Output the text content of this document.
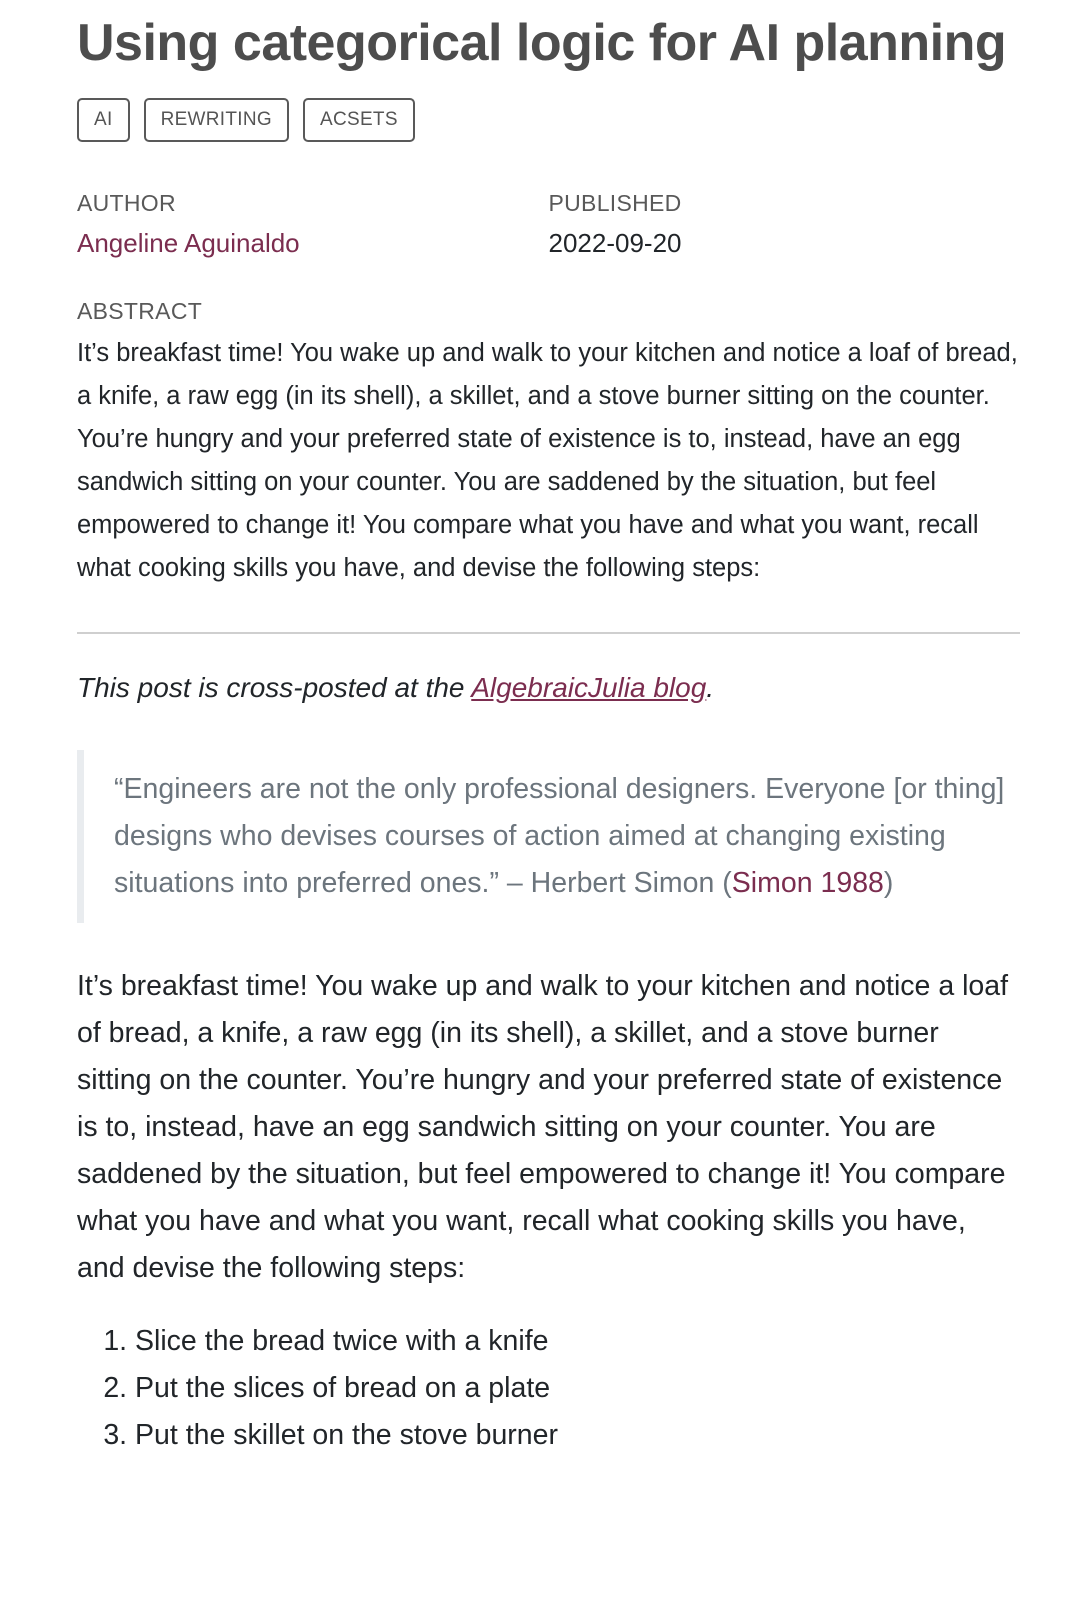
Using categorical logic for AI planning
AI	REWRITING	ACSETS
AUTHOR
Angeline Aguinaldo
PUBLISHED
2022-09-20
ABSTRACT
It’s breakfast time! You wake up and walk to your kitchen and notice a loaf of bread, a knife, a raw egg (in its shell), a skillet, and a stove burner sitting on the counter. You’re hungry and your preferred state of existence is to, instead, have an egg sandwich sitting on your counter. You are saddened by the situation, but feel empowered to change it! You compare what you have and what you want, recall what cooking skills you have, and devise the following steps:

This post is cross-posted at the AlgebraicJulia blog.

“Engineers are not the only professional designers. Everyone [or thing] designs who devises courses of action aimed at changing existing situations into preferred ones.” – Herbert Simon (Simon 1988)

It’s breakfast time! You wake up and walk to your kitchen and notice a loaf of bread, a knife, a raw egg (in its shell), a skillet, and a stove burner sitting on the counter. You’re hungry and your preferred state of existence is to, instead, have an egg sandwich sitting on your counter. You are saddened by the situation, but feel empowered to change it! You compare what you have and what you want, recall what cooking skills you have, and devise the following steps:

1. Slice the bread twice with a knife
2. Put the slices of bread on a plate
3. Put the skillet on the stove burner
